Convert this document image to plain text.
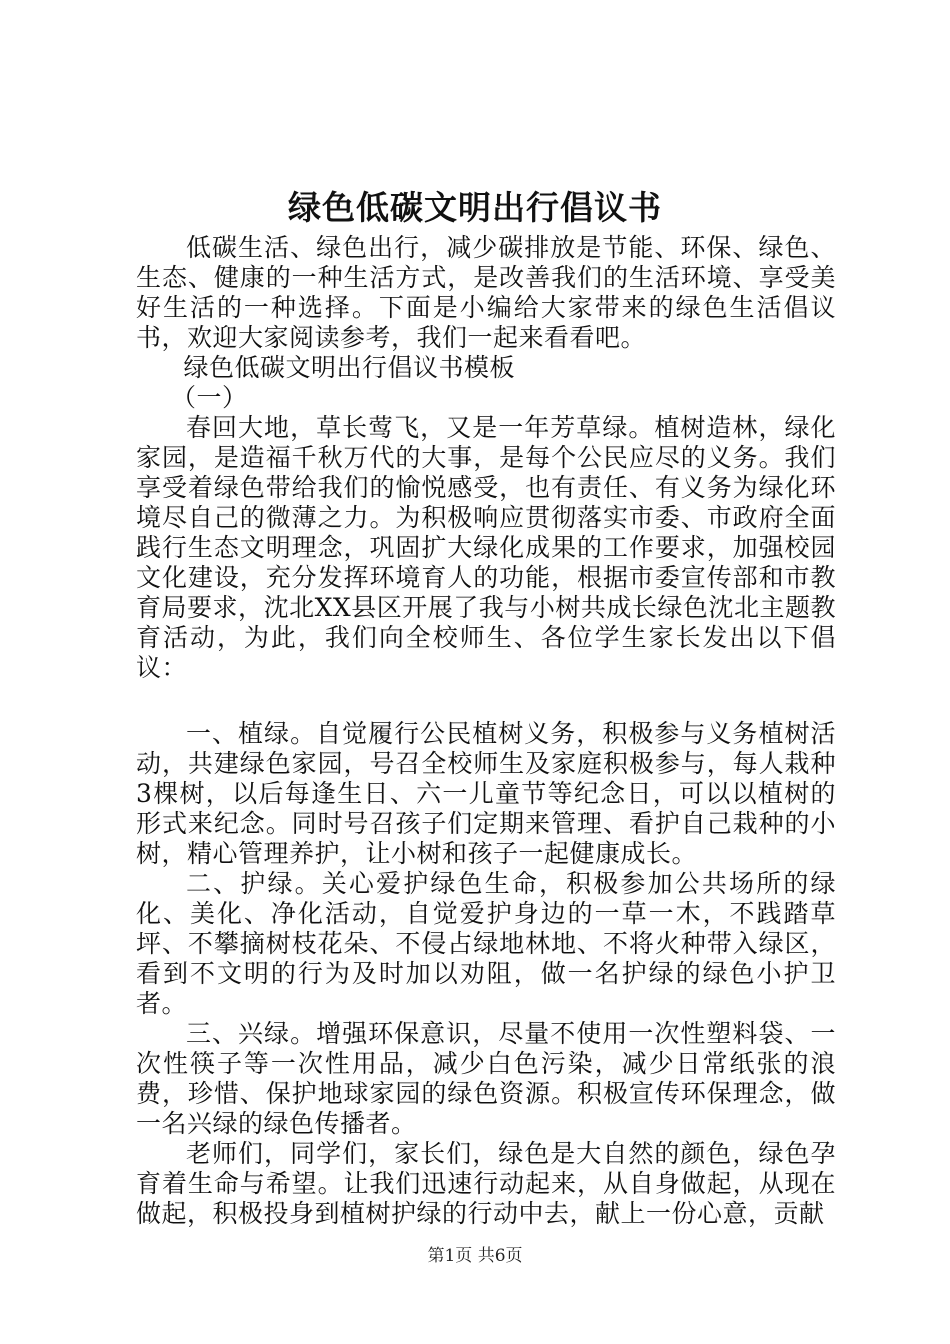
绿色低碳文明出行倡议书

低碳生活、绿色出行，减少碳排放是节能、环保、绿色、生态、健康的一种生活方式，是改善我们的生活环境、享受美好生活的一种选择。下面是小编给大家带来的绿色生活倡议书，欢迎大家阅读参考，我们一起来看看吧。

绿色低碳文明出行倡议书模板

（一）

春回大地，草长莺飞，又是一年芳草绿。植树造林，绿化家园，是造福千秋万代的大事，是每个公民应尽的义务。我们享受着绿色带给我们的愉悦感受，也有责任、有义务为绿化环境尽自己的微薄之力。为积极响应贯彻落实市委、市政府全面践行生态文明理念，巩固扩大绿化成果的工作要求，加强校园文化建设，充分发挥环境育人的功能，根据市委宣传部和市教育局要求，沈北XX县区开展了我与小树共成长绿色沈北主题教育活动，为此，我们向全校师生、各位学生家长发出以下倡议：

一、植绿。自觉履行公民植树义务，积极参与义务植树活动，共建绿色家园，号召全校师生及家庭积极参与，每人栽种3棵树，以后每逢生日、六一儿童节等纪念日，可以以植树的形式来纪念。同时号召孩子们定期来管理、看护自己栽种的小树，精心管理养护，让小树和孩子一起健康成长。

二、护绿。关心爱护绿色生命，积极参加公共场所的绿化、美化、净化活动，自觉爱护身边的一草一木，不践踏草坪、不攀摘树枝花朵、不侵占绿地林地、不将火种带入绿区，看到不文明的行为及时加以劝阻，做一名护绿的绿色小护卫者。

三、兴绿。增强环保意识，尽量不使用一次性塑料袋、一次性筷子等一次性用品，减少白色污染，减少日常纸张的浪费，珍惜、保护地球家园的绿色资源。积极宣传环保理念，做一名兴绿的绿色传播者。

老师们，同学们，家长们，绿色是大自然的颜色，绿色孕育着生命与希望。让我们迅速行动起来，从自身做起，从现在做起，积极投身到植树护绿的行动中去，献上一份心意，贡献

第1页 共6页
